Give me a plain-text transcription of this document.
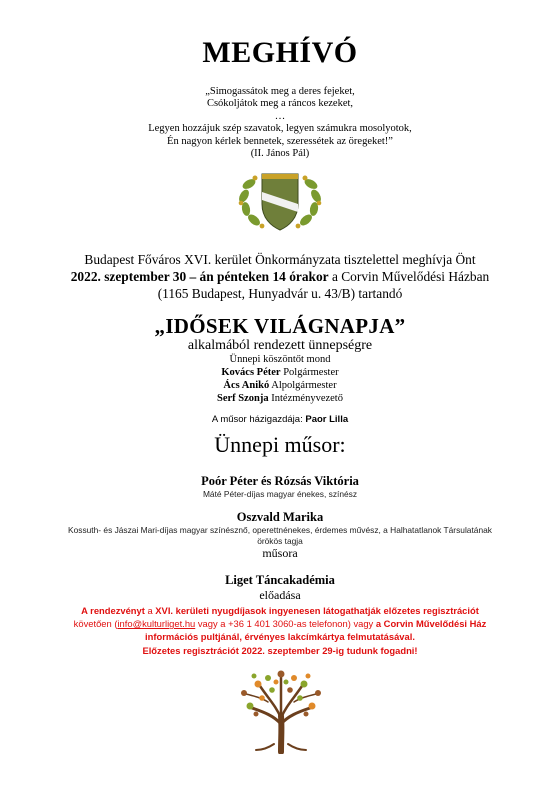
MEGHÍVÓ
„Simogassátok meg a deres fejeket,
Csókoljátok meg a ráncos kezeket,
…
Legyen hozzájuk szép szavatok, legyen számukra mosolyotok,
Én nagyon kérlek bennetek, szeressétek az öregeket!”
(II. János Pál)
Budapest Főváros XVI. kerület Önkormányzata tisztelettel meghívja Önt
2022. szeptember 30 – án pénteken 14 órakor a Corvin Művelődési Házban
(1165 Budapest, Hunyadvár u. 43/B) tartandó
„IDŐSEK VILÁGNAPJA”
alkalmából rendezett ünnepségre
Ünnepi köszöntőt mond
Kovács Péter Polgármester
Ács Anikó Alpolgármester
Serf Szonja Intézményvezető
A műsor házigazdája: Paor Lilla
Ünnepi műsor:
Poór Péter és Rózsás Viktória
Máté Péter-díjas magyar énekes, színész
Oszvald Marika
Kossuth- és Jászai Mari-díjas magyar színésznő, operettnénekes, érdemes művész, a Halhatatlanok Társulatának örökös tagja
műsora
Liget Táncakadémia
előadása
A rendezvényt a XVI. kerületi nyugdíjasok ingyenesen látogathatják előzetes regisztrációt
követően (info@kulturliget.hu vagy a +36 1 401 3060-as telefonon) vagy a Corvin Művelődési Ház
információs pultjánál, érvényes lakcímkártya felmutatásával.
Előzetes regisztrációt 2022. szeptember 29-ig tudunk fogadni!
